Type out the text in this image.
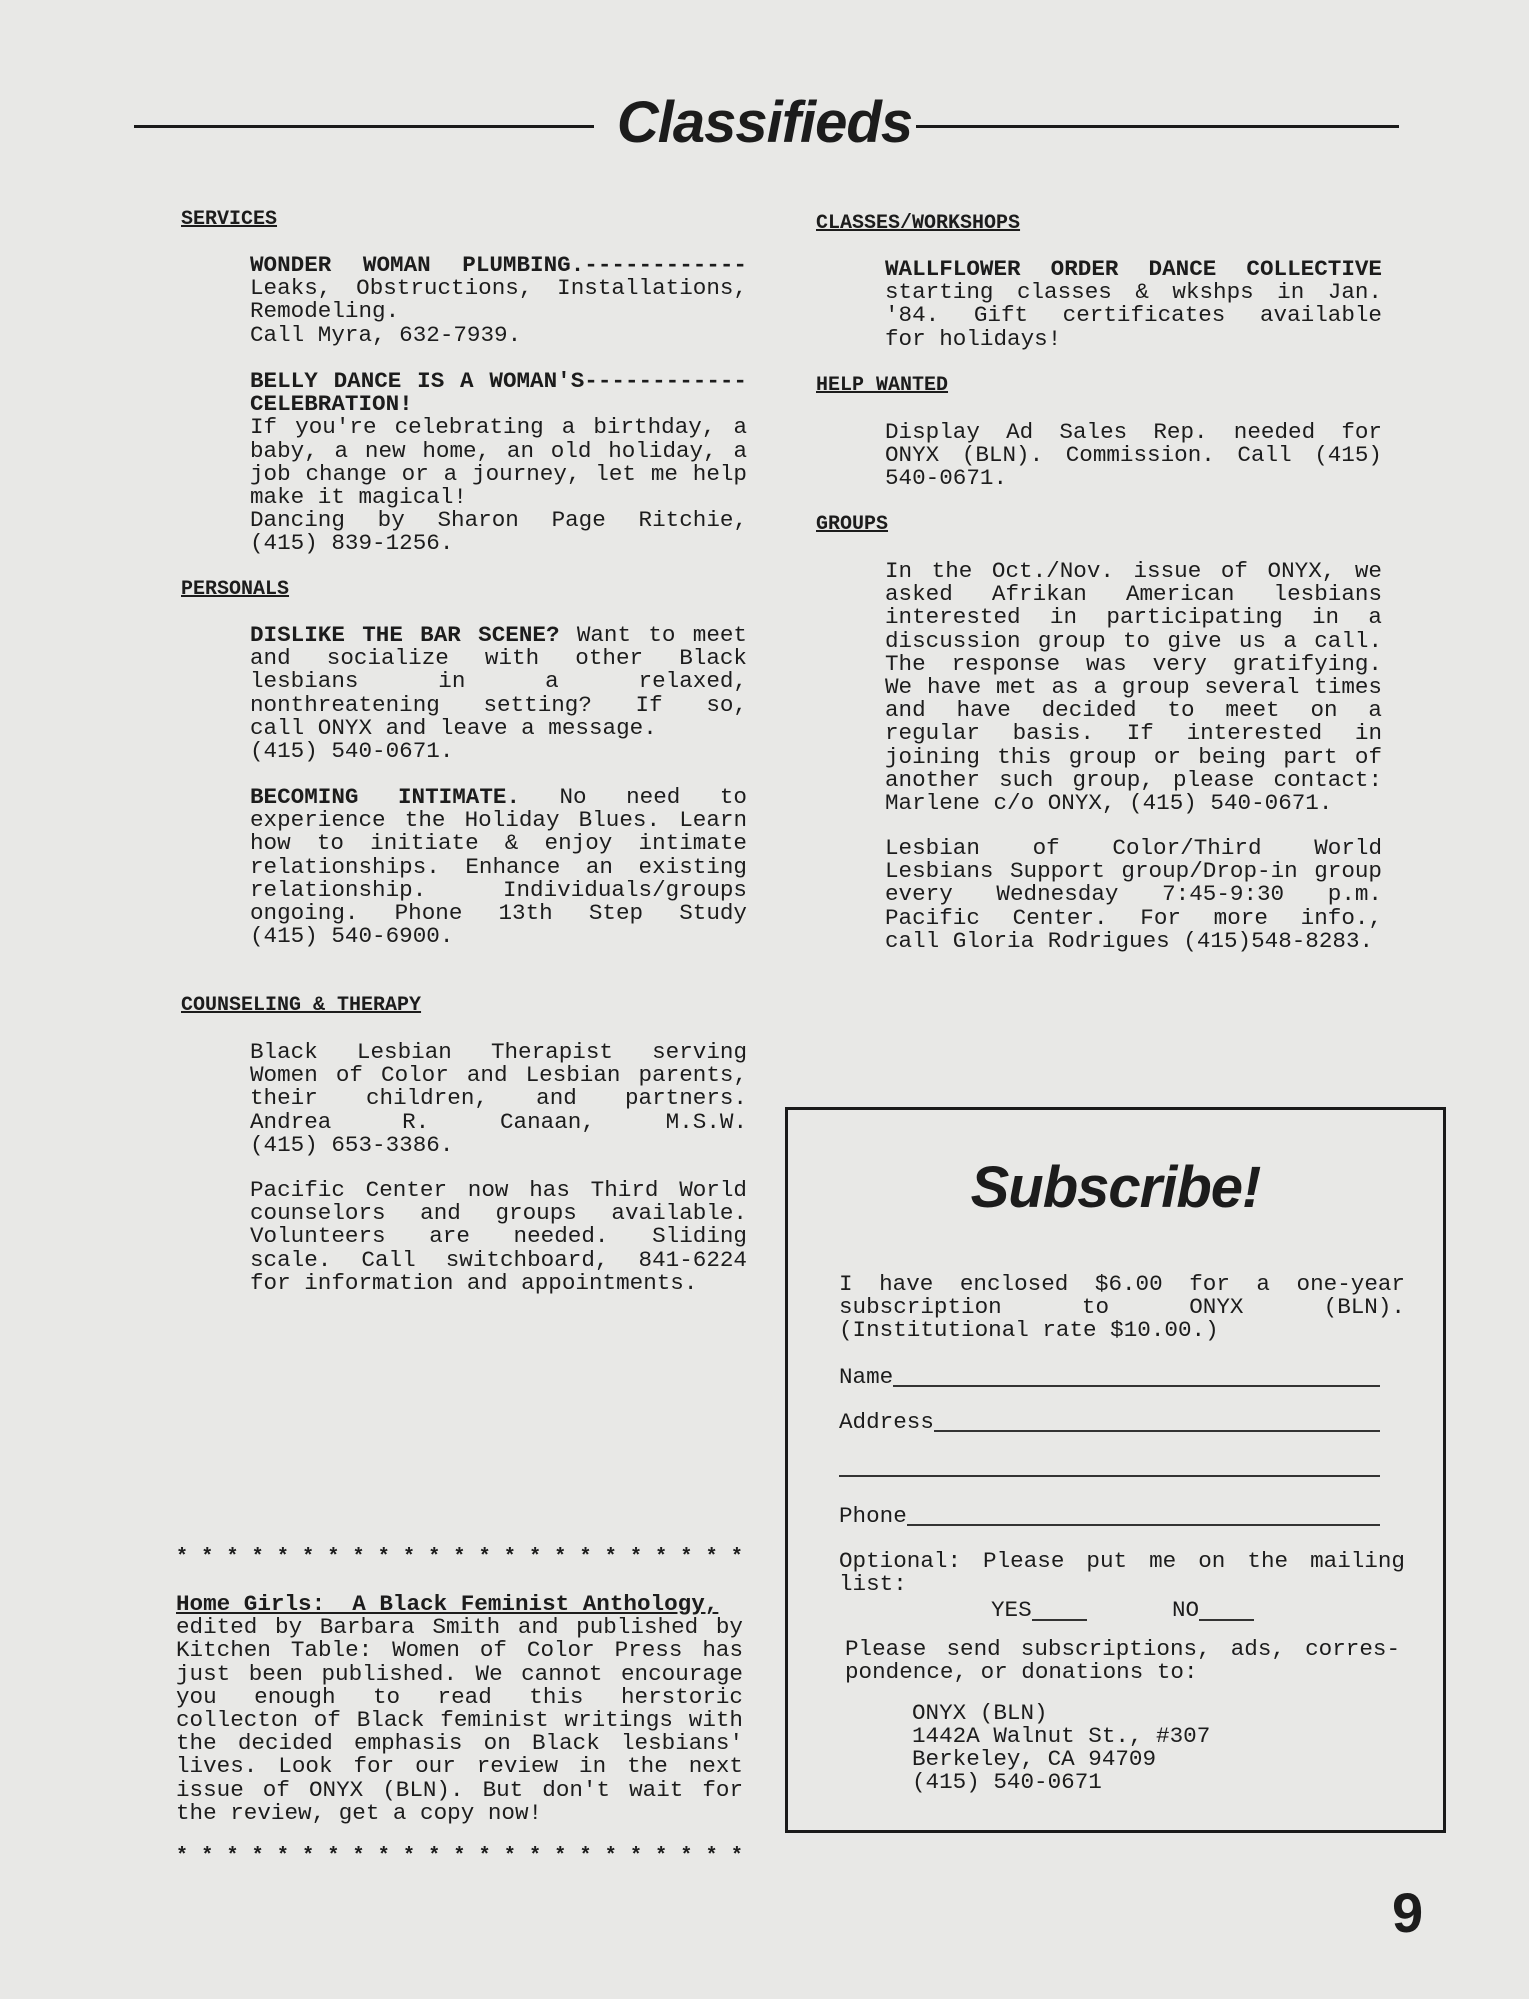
Classifieds
SERVICES
WONDER WOMAN PLUMBING.------------
Leaks, Obstructions, Installations,
Remodeling.
Call Myra, 632-7939.
BELLY DANCE IS A WOMAN'S------------
CELEBRATION!
If you're celebrating a birthday, a
baby, a new home, an old holiday, a
job change or a journey, let me help
make it magical!
Dancing by Sharon Page Ritchie,
(415) 839-1256.
PERSONALS
DISLIKE THE BAR SCENE? Want to meet
and socialize with other Black
lesbians in a relaxed,
nonthreatening setting? If so,
call ONYX and leave a message.
(415) 540-0671.
BECOMING INTIMATE. No need to
experience the Holiday Blues. Learn
how to initiate & enjoy intimate
relationships. Enhance an existing
relationship. Individuals/groups
ongoing. Phone 13th Step Study
(415) 540-6900.
COUNSELING & THERAPY
Black Lesbian Therapist serving
Women of Color and Lesbian parents,
their children, and partners.
Andrea R. Canaan, M.S.W.
(415) 653-3386.
Pacific Center now has Third World
counselors and groups available.
Volunteers are needed. Sliding
scale. Call switchboard, 841-6224
for information and appointments.
* * * * * * * * * * * * * * * * * * * * * * *
Home Girls:  A Black Feminist Anthology,
edited by Barbara Smith and published by
Kitchen Table: Women of Color Press has
just been published. We cannot encourage
you enough to read this herstoric
collecton of Black feminist writings with
the decided emphasis on Black lesbians'
lives. Look for our review in the next
issue of ONYX (BLN). But don't wait for
the review, get a copy now!
* * * * * * * * * * * * * * * * * * * * * * *
CLASSES/WORKSHOPS
WALLFLOWER ORDER DANCE COLLECTIVE
starting classes & wkshps in Jan.
'84. Gift certificates available
for holidays!
HELP WANTED
Display Ad Sales Rep. needed for
ONYX (BLN). Commission. Call (415)
540-0671.
GROUPS
In the Oct./Nov. issue of ONYX, we
asked Afrikan American lesbians
interested in participating in a
discussion group to give us a call.
The response was very gratifying.
We have met as a group several times
and have decided to meet on a
regular basis. If interested in
joining this group or being part of
another such group, please contact:
Marlene c/o ONYX, (415) 540-0671.
Lesbian of Color/Third World
Lesbians Support group/Drop-in group
every Wednesday 7:45-9:30 p.m.
Pacific Center. For more info.,
call Gloria Rodrigues (415)548-8283.
Subscribe!
I have enclosed $6.00 for a one-year
subscription to ONYX (BLN).
(Institutional rate $10.00.)
Name
Address
Phone
Optional: Please put me on the mailing
list:
YES	NO
Please send subscriptions, ads, corres-
pondence, or donations to:
ONYX (BLN)
1442A Walnut St., #307
Berkeley, CA 94709
(415) 540-0671
9
